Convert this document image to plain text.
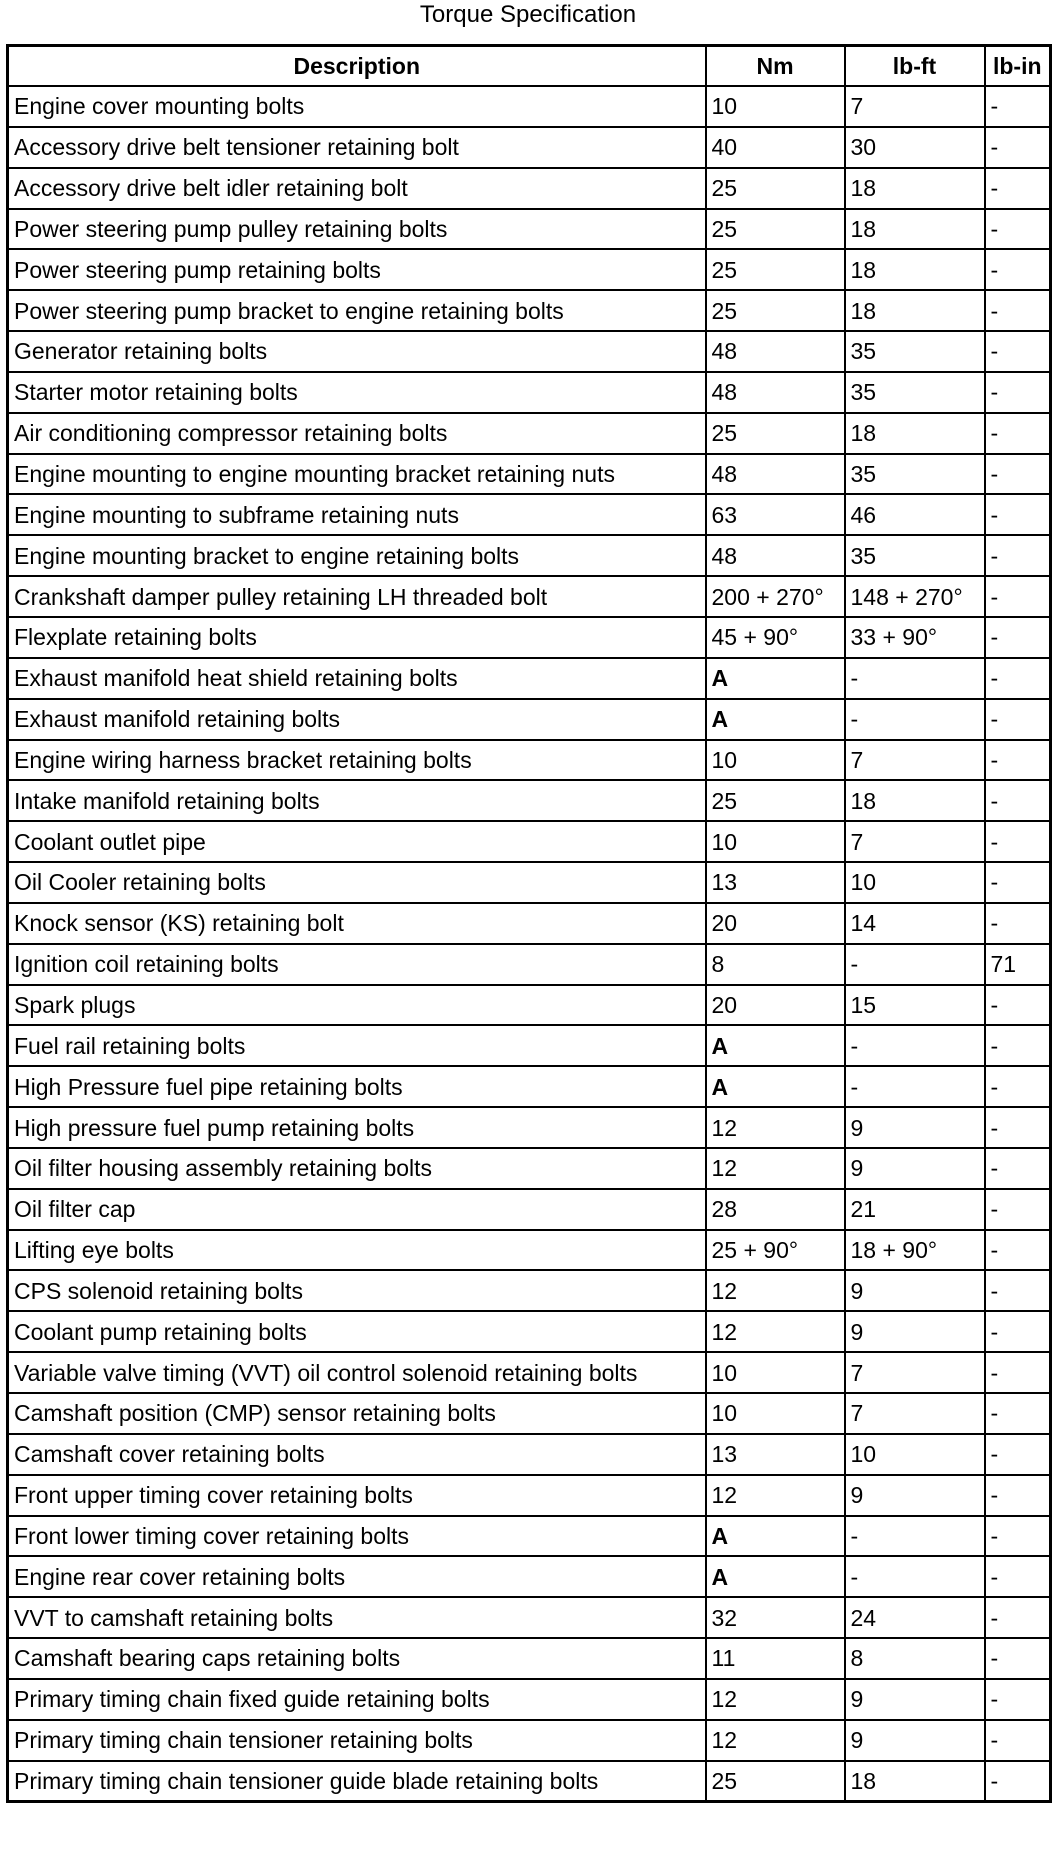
Torque Specification
Description	Nm	lb-ft	lb-in
Engine cover mounting bolts	10	7	-
Accessory drive belt tensioner retaining bolt	40	30	-
Accessory drive belt idler retaining bolt	25	18	-
Power steering pump pulley retaining bolts	25	18	-
Power steering pump retaining bolts	25	18	-
Power steering pump bracket to engine retaining bolts	25	18	-
Generator retaining bolts	48	35	-
Starter motor retaining bolts	48	35	-
Air conditioning compressor retaining bolts	25	18	-
Engine mounting to engine mounting bracket retaining nuts	48	35	-
Engine mounting to subframe retaining nuts	63	46	-
Engine mounting bracket to engine retaining bolts	48	35	-
Crankshaft damper pulley retaining LH threaded bolt	200 + 270°	148 + 270°	-
Flexplate retaining bolts	45 + 90°	33 + 90°	-
Exhaust manifold heat shield retaining bolts	A	-	-
Exhaust manifold retaining bolts	A	-	-
Engine wiring harness bracket retaining bolts	10	7	-
Intake manifold retaining bolts	25	18	-
Coolant outlet pipe	10	7	-
Oil Cooler retaining bolts	13	10	-
Knock sensor (KS) retaining bolt	20	14	-
Ignition coil retaining bolts	8	-	71
Spark plugs	20	15	-
Fuel rail retaining bolts	A	-	-
High Pressure fuel pipe retaining bolts	A	-	-
High pressure fuel pump retaining bolts	12	9	-
Oil filter housing assembly retaining bolts	12	9	-
Oil filter cap	28	21	-
Lifting eye bolts	25 + 90°	18 + 90°	-
CPS solenoid retaining bolts	12	9	-
Coolant pump retaining bolts	12	9	-
Variable valve timing (VVT) oil control solenoid retaining bolts	10	7	-
Camshaft position (CMP) sensor retaining bolts	10	7	-
Camshaft cover retaining bolts	13	10	-
Front upper timing cover retaining bolts	12	9	-
Front lower timing cover retaining bolts	A	-	-
Engine rear cover retaining bolts	A	-	-
VVT to camshaft retaining bolts	32	24	-
Camshaft bearing caps retaining bolts	11	8	-
Primary timing chain fixed guide retaining bolts	12	9	-
Primary timing chain tensioner retaining bolts	12	9	-
Primary timing chain tensioner guide blade retaining bolts	25	18	-
